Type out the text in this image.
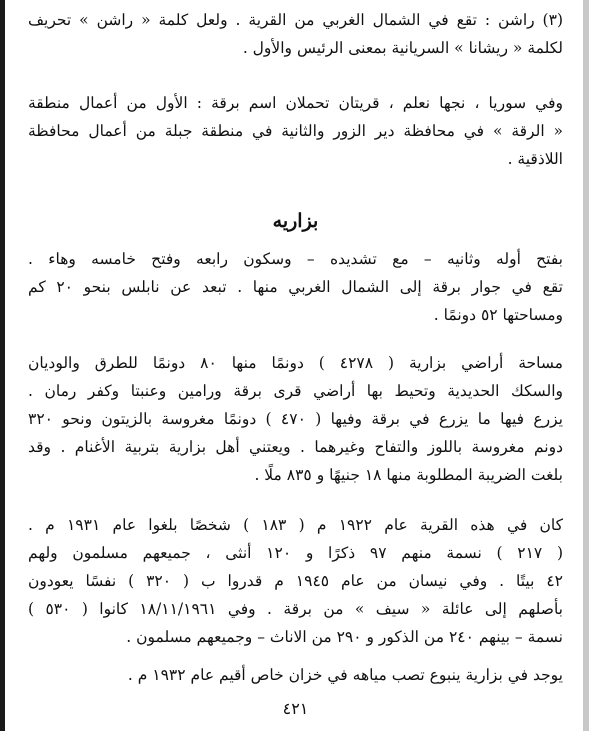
(٣) راشن : تقع في الشمال الغربي من القرية . ولعل كلمة « راشن » تحريف
لكلمة « ريشانا » السريانية بمعنى الرئيس والأول .
وفي سوريا ، نجها نعلم ، قريتان تحملان اسم برقة : الأول من أعمال منطقة
« الرقة » في محافظة دير الزور والثانية في منطقة جبلة من أعمال محافظة
اللاذقية .
بزاريه
بفتح أوله وثانيه – مع تشديده – وسكون رابعه وفتح خامسه وهاء .
تقع في جوار برقة إلى الشمال الغربي منها . تبعد عن نابلس بنحو ٢٠ كم
ومساحتها ٥٢ دونمًا .
مساحة أراضي بزارية ( ٤٢٧٨ ) دونمًا منها ٨٠ دونمًا للطرق والوديان
والسكك الحديدية وتحيط بها أراضي قرى برقة ورامين وعنبتا وكفر رمان .
يزرع فيها ما يزرع في برقة وفيها ( ٤٧٠ ) دونمًا مغروسة بالزيتون ونحو ٣٢٠
دونم مغروسة باللوز والتفاح وغيرهما . ويعتني أهل بزارية بتربية الأغنام . وقد
بلغت الضريبة المطلوبة منها ١٨ جنيهًا و ٨٣٥ ملًا .
كان في هذه القرية عام ١٩٢٢ م ( ١٨٣ ) شخصًا بلغوا عام ١٩٣١ م .
( ٢١٧ ) نسمة منهم ٩٧ ذكرًا و ١٢٠ أنثى ، جميعهم مسلمون ولهم
٤٢ بيتًا . وفي نيسان من عام ١٩٤٥ م قدروا ب ( ٣٢٠ ) نفسًا يعودون
بأصلهم إلى عائلة « سيف » من برقة . وفي ١٨/١١/١٩٦١ كانوا ( ٥٣٠ )
نسمة – بينهم ٢٤٠ من الذكور و ٢٩٠ من الاناث – وجميعهم مسلمون .
يوجد في بزارية ينبوع تصب مياهه في خزان خاص أقيم عام ١٩٣٢ م .
٤٢١
